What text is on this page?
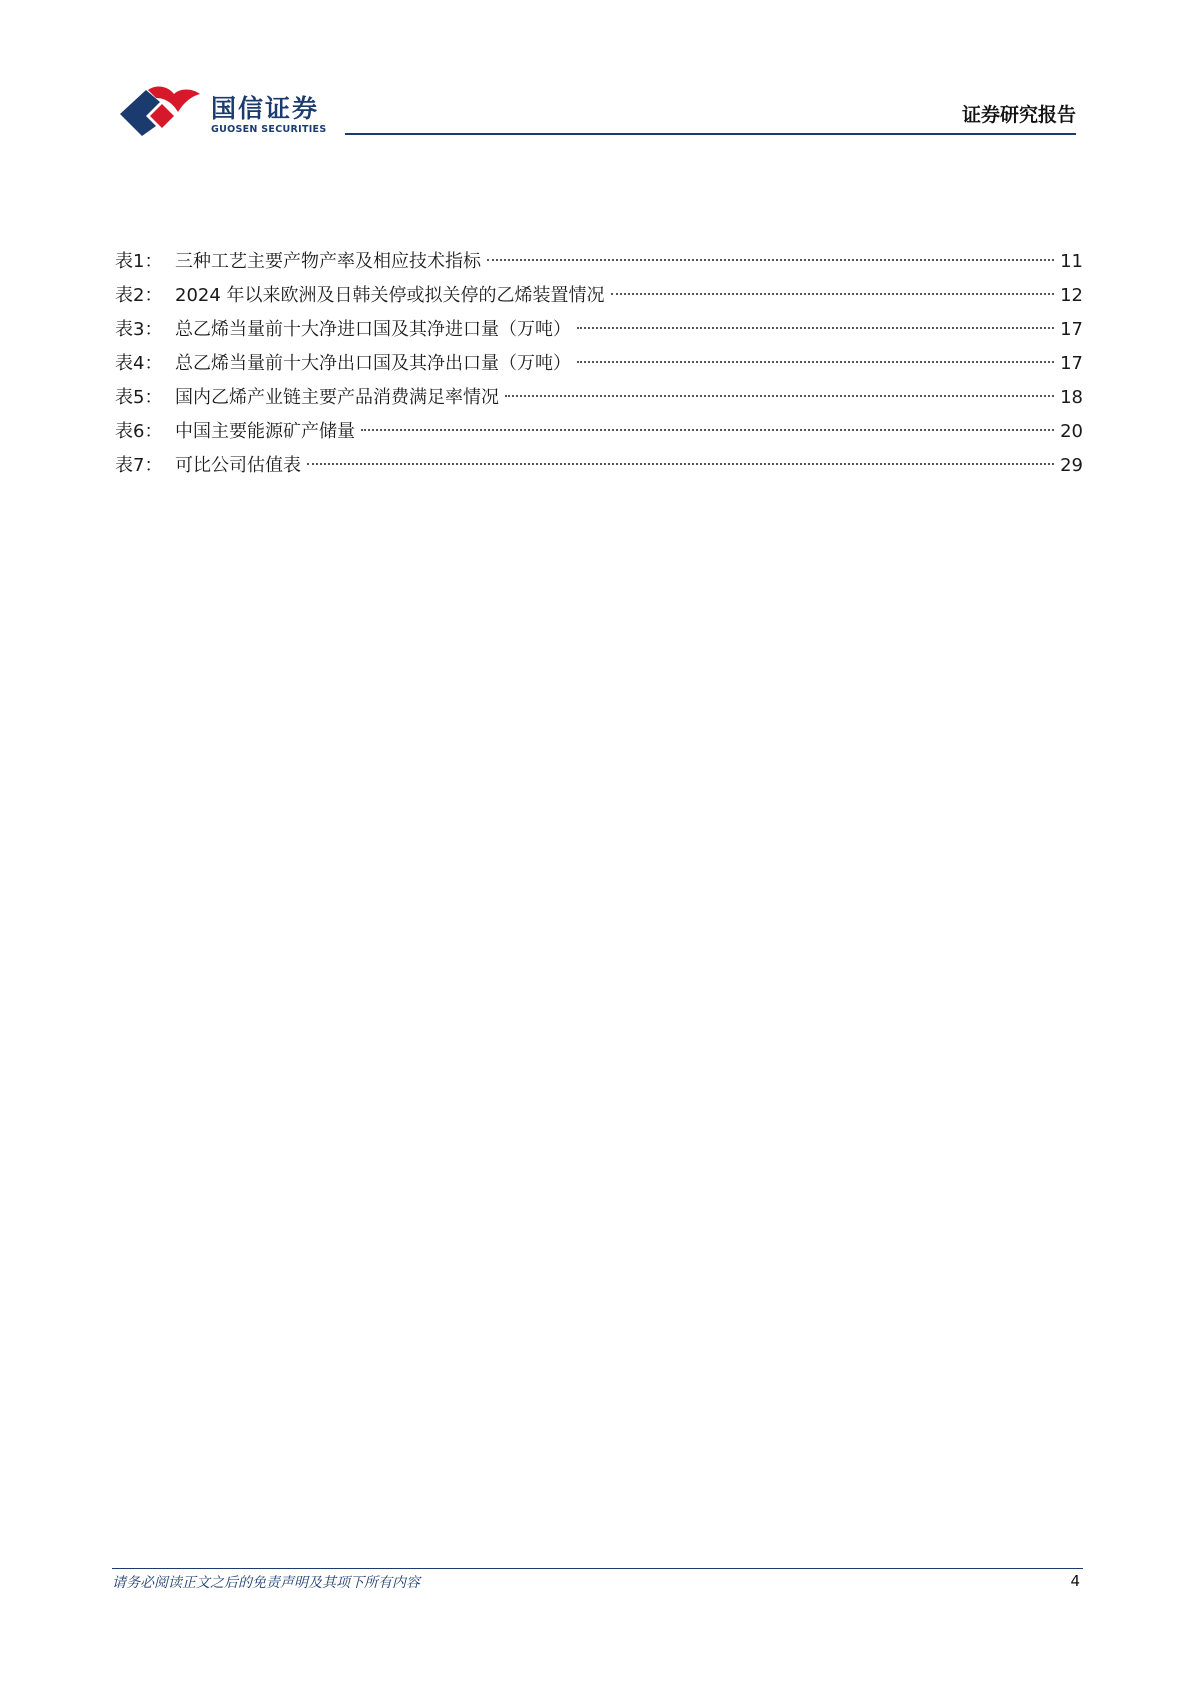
国信证券
GUOSEN SECURITIES
证券研究报告
表1： 三种工艺主要产物产率及相应技术指标	11
表2： 2024 年以来欧洲及日韩关停或拟关停的乙烯装置情况	12
表3： 总乙烯当量前十大净进口国及其净进口量（万吨）	17
表4： 总乙烯当量前十大净出口国及其净出口量（万吨）	17
表5： 国内乙烯产业链主要产品消费满足率情况	18
表6： 中国主要能源矿产储量	20
表7： 可比公司估值表	29
请务必阅读正文之后的免责声明及其项下所有内容	4
